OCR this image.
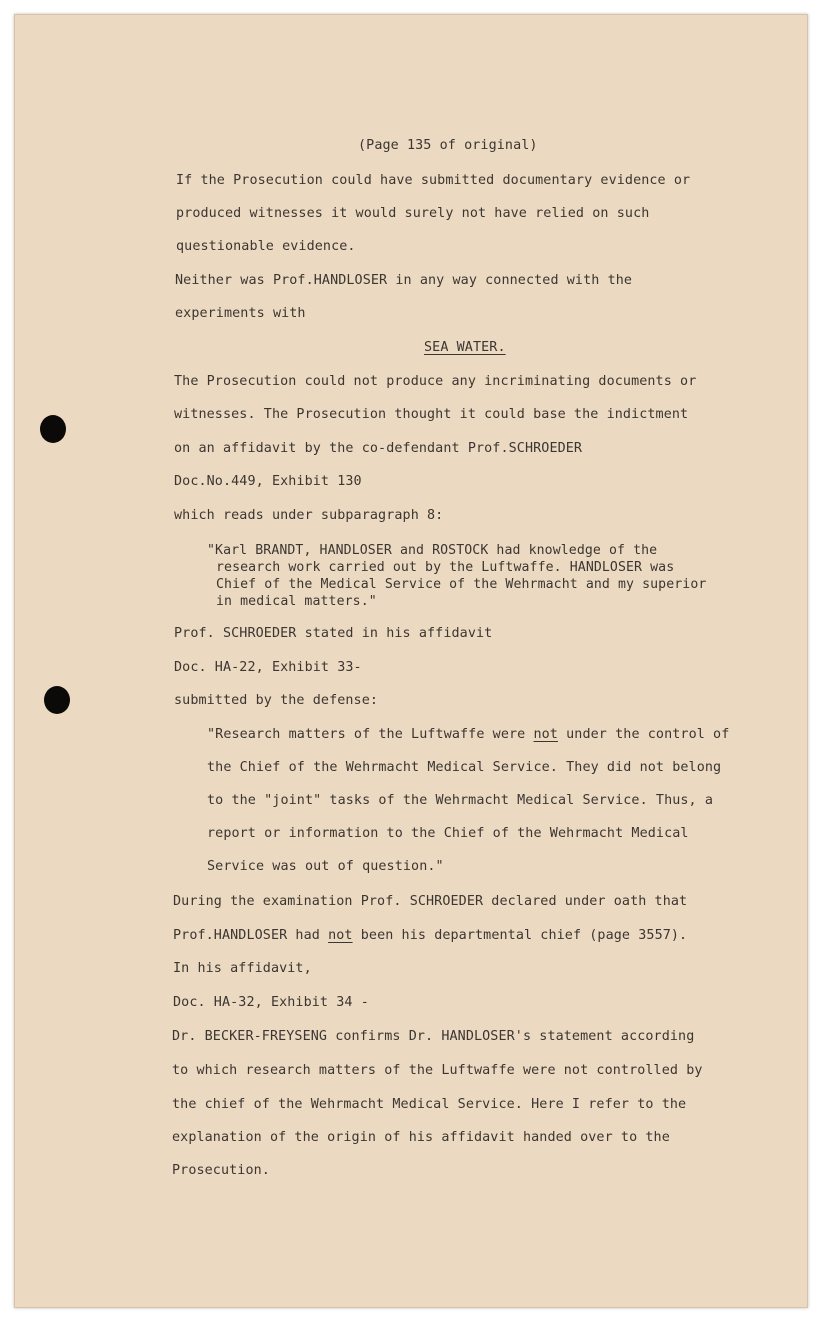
(Page 135 of original)
If the Prosecution could have submitted documentary evidence or
produced witnesses it would surely not have relied on such
questionable evidence.
Neither was Prof.HANDLOSER in any way connected with the
experiments with
SEA WATER.
The Prosecution could not produce any incriminating documents or
witnesses. The Prosecution thought it could base the indictment
on an affidavit by the co-defendant Prof.SCHROEDER
Doc.No.449, Exhibit 130
which reads under subparagraph 8:
"Karl BRANDT, HANDLOSER and ROSTOCK had knowledge of the
research work carried out by the Luftwaffe. HANDLOSER was
Chief of the Medical Service of the Wehrmacht and my superior
in medical matters."
Prof. SCHROEDER stated in his affidavit
Doc. HA-22, Exhibit 33-
submitted by the defense:
"Research matters of the Luftwaffe were not under the control of
the Chief of the Wehrmacht Medical Service. They did not belong
to the "joint" tasks of the Wehrmacht Medical Service. Thus, a
report or information to the Chief of the Wehrmacht Medical
Service was out of question."
During the examination Prof. SCHROEDER declared under oath that
Prof.HANDLOSER had not been his departmental chief (page 3557).
In his affidavit,
Doc. HA-32, Exhibit 34 -
Dr. BECKER-FREYSENG confirms Dr. HANDLOSER's statement according
to which research matters of the Luftwaffe were not controlled by
the chief of the Wehrmacht Medical Service. Here I refer to the
explanation of the origin of his affidavit handed over to the
Prosecution.
